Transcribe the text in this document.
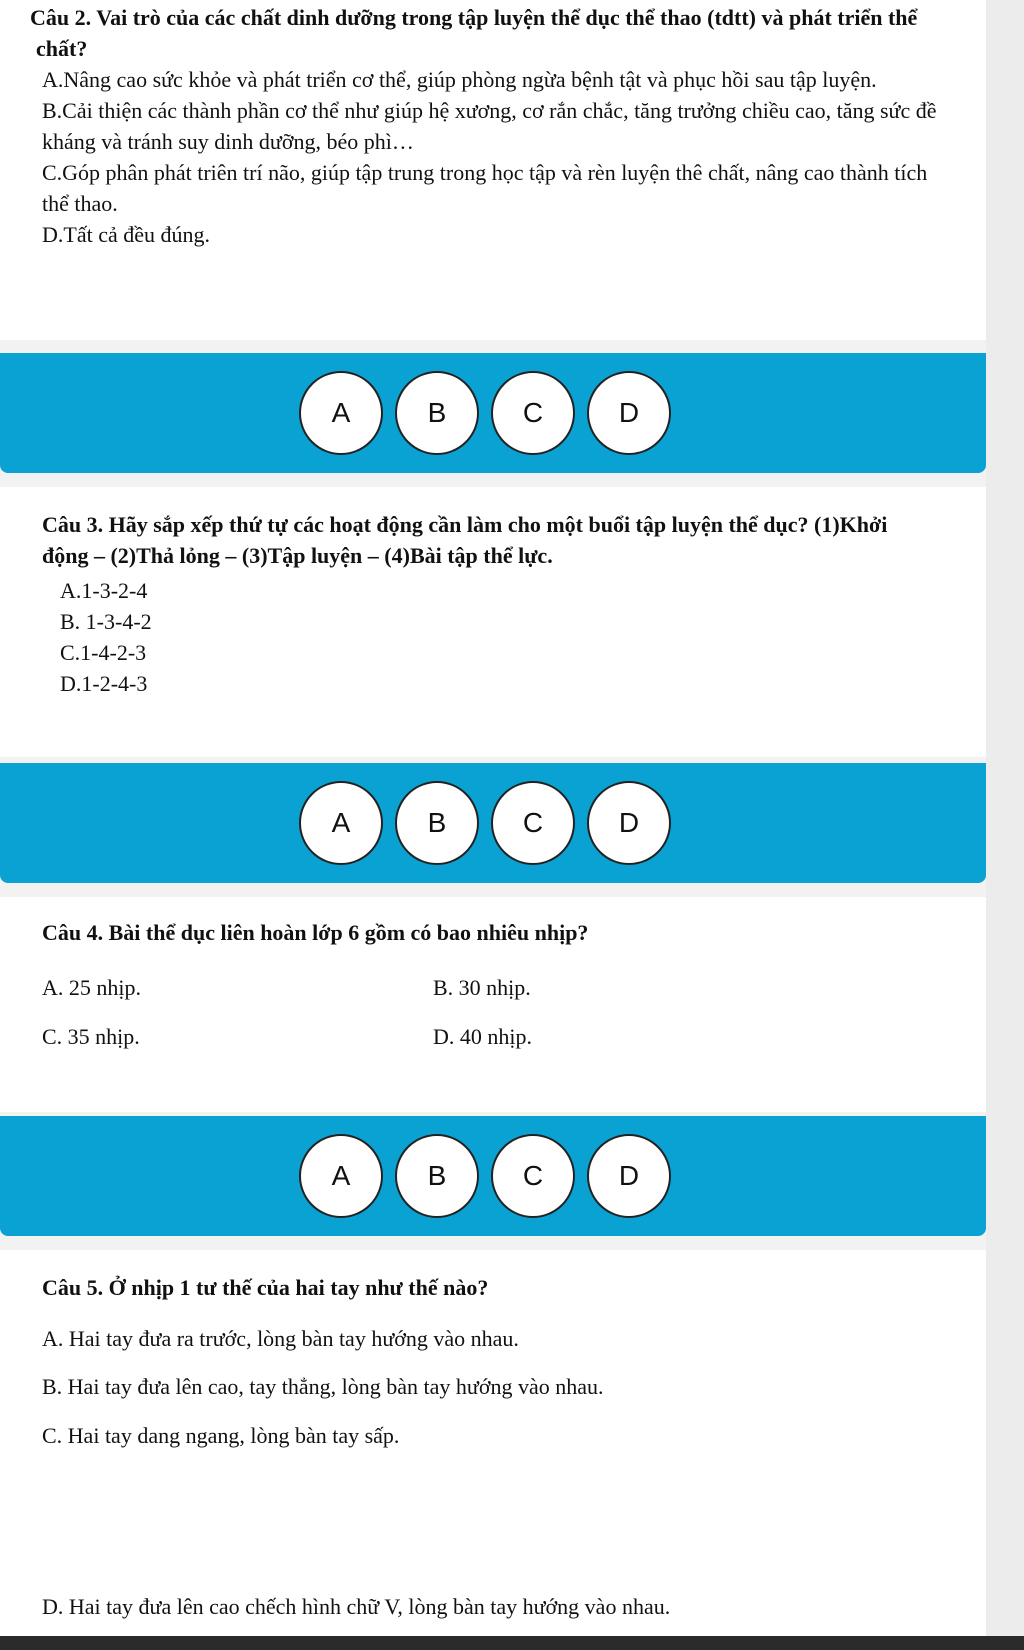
Câu 2. Vai trò của các chất dinh dưỡng trong tập luyện thể dục thể thao (tdtt) và phát triển thể chất?

A.Nâng cao sức khỏe và phát triển cơ thể, giúp phòng ngừa bệnh tật và phục hồi sau tập luyện.

B.Cải thiện các thành phần cơ thể như giúp hệ xương, cơ rắn chắc, tăng trưởng chiều cao, tăng sức đề kháng và tránh suy dinh dưỡng, béo phì…

C.Góp phân phát triên trí não, giúp tập trung trong học tập và rèn luyện thê chất, nâng cao thành tích thể thao.

D.Tất cả đều đúng.

A	B	C	D

Câu 3. Hãy sắp xếp thứ tự các hoạt động cần làm cho một buổi tập luyện thể dục? (1)Khởi động – (2)Thả lỏng – (3)Tập luyện – (4)Bài tập thể lực.

A.1-3-2-4

B. 1-3-4-2

C.1-4-2-3

D.1-2-4-3

A	B	C	D

Câu 4. Bài thể dục liên hoàn lớp 6 gồm có bao nhiêu nhịp?

A. 25 nhịp.	B. 30 nhịp.
C. 35 nhịp.	D. 40 nhịp.
A	B	C	D
Câu 5. Ở nhịp 1 tư thế của hai tay như thế nào?
A. Hai tay đưa ra trước, lòng bàn tay hướng vào nhau.
B. Hai tay đưa lên cao, tay thẳng, lòng bàn tay hướng vào nhau.
C. Hai tay dang ngang, lòng bàn tay sấp.
D. Hai tay đưa lên cao chếch hình chữ V, lòng bàn tay hướng vào nhau.
